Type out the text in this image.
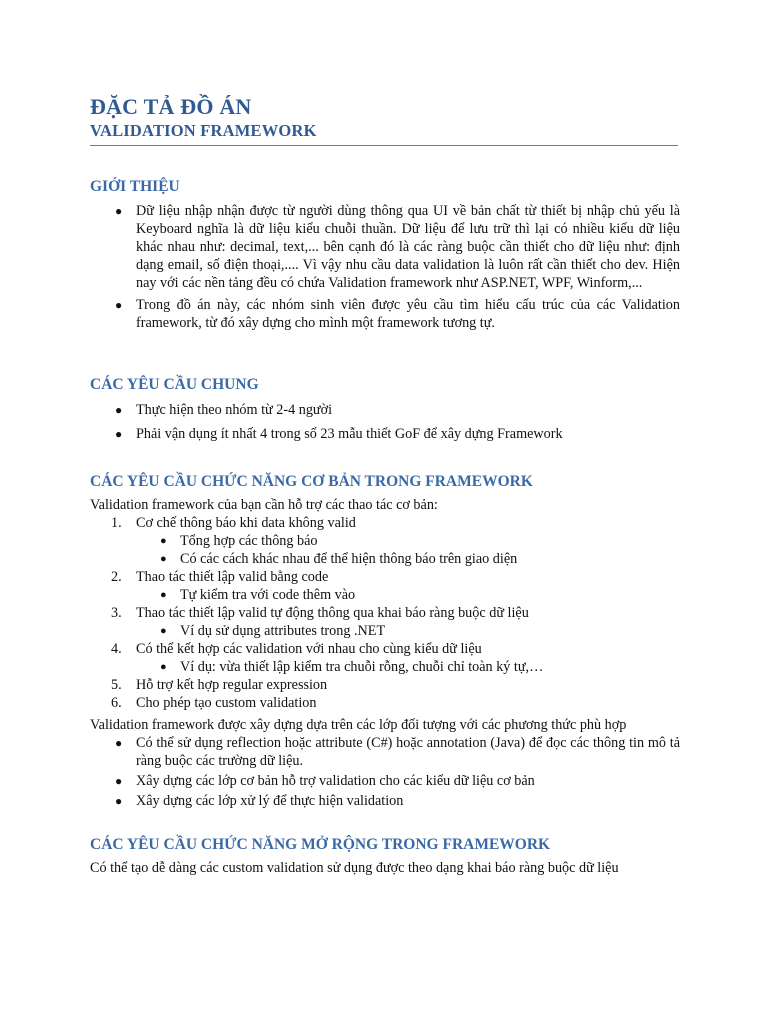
ĐẶC TẢ ĐỒ ÁN
VALIDATION FRAMEWORK
GIỚI THIỆU
● Dữ liệu nhập nhận được từ người dùng thông qua UI về bản chất từ thiết bị nhập chủ yếu là Keyboard nghĩa là dữ liệu kiểu chuỗi thuần. Dữ liệu để lưu trữ thì lại có nhiều kiểu dữ liệu khác nhau như: decimal, text,... bên cạnh đó là các ràng buộc cần thiết cho dữ liệu như: định dạng email, số điện thoại,.... Vì vậy nhu cầu data validation là luôn rất cần thiết cho dev. Hiện nay với các nền tảng đều có chứa Validation framework như ASP.NET, WPF, Winform,...
● Trong đồ án này, các nhóm sinh viên được yêu cầu tìm hiểu cấu trúc của các Validation framework, từ đó xây dựng cho mình một framework tương tự.
CÁC YÊU CẦU CHUNG
● Thực hiện theo nhóm từ 2-4 người
● Phải vận dụng ít nhất 4 trong số 23 mẫu thiết GoF để xây dựng Framework
CÁC YÊU CẦU CHỨC NĂNG CƠ BẢN TRONG FRAMEWORK

Validation framework của bạn cần hỗ trợ các thao tác cơ bản:

1. Cơ chế thông báo khi data không valid
● Tổng hợp các thông báo
● Có các cách khác nhau để thể hiện thông báo trên giao diện
2. Thao tác thiết lập valid bằng code
● Tự kiểm tra với code thêm vào
3. Thao tác thiết lập valid tự động thông qua khai báo ràng buộc dữ liệu
● Ví dụ sử dụng attributes trong .NET
4. Có thể kết hợp các validation với nhau cho cùng kiểu dữ liệu
● Ví dụ: vừa thiết lập kiểm tra chuỗi rỗng, chuỗi chỉ toàn ký tự,…
5. Hỗ trợ kết hợp regular expression
6. Cho phép tạo custom validation

Validation framework được xây dựng dựa trên các lớp đối tượng với các phương thức phù hợp

● Có thể sử dụng reflection hoặc attribute (C#) hoặc annotation (Java) để đọc các thông tin mô tả ràng buộc các trường dữ liệu.
● Xây dựng các lớp cơ bản hỗ trợ validation cho các kiểu dữ liệu cơ bản
● Xây dựng các lớp xử lý để thực hiện validation
CÁC YÊU CẦU CHỨC NĂNG MỞ RỘNG TRONG FRAMEWORK

Có thể tạo dễ dàng các custom validation sử dụng được theo dạng khai báo ràng buộc dữ liệu
